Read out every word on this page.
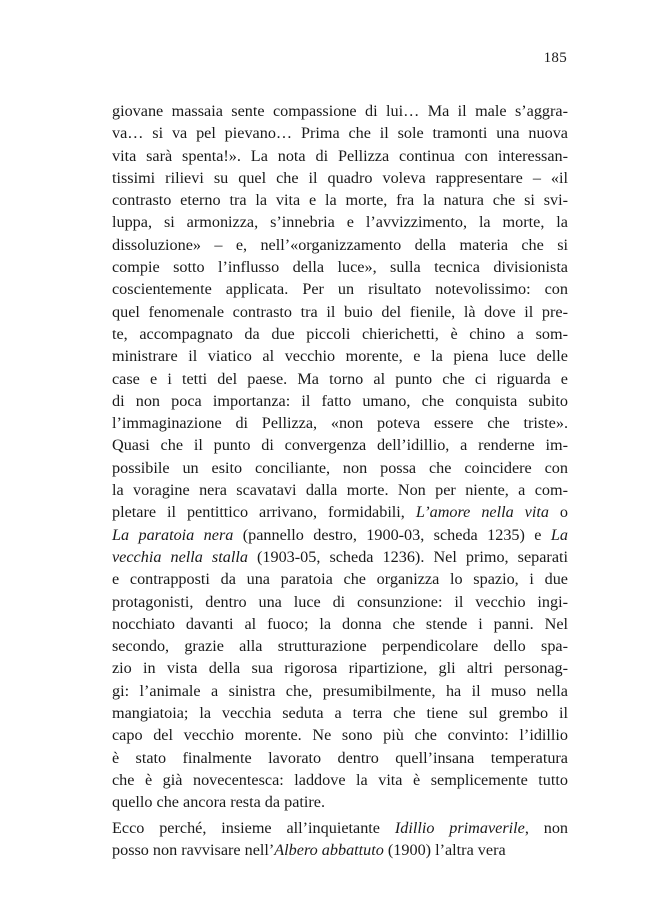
185
giovane massaia sente compassione di lui… Ma il male s’aggra-
va… si va pel pievano… Prima che il sole tramonti una nuova
vita sarà spenta!». La nota di Pellizza continua con interessan-
tissimi rilievi su quel che il quadro voleva rappresentare – «il
contrasto eterno tra la vita e la morte, fra la natura che si svi-
luppa, si armonizza, s’innebria e l’avvizzimento, la morte, la
dissoluzione» – e, nell’«organizzamento della materia che si
compie sotto l’influsso della luce», sulla tecnica divisionista
coscientemente applicata. Per un risultato notevolissimo: con
quel fenomenale contrasto tra il buio del fienile, là dove il pre-
te, accompagnato da due piccoli chierichetti, è chino a som-
ministrare il viatico al vecchio morente, e la piena luce delle
case e i tetti del paese. Ma torno al punto che ci riguarda e
di non poca importanza: il fatto umano, che conquista subito
l’immaginazione di Pellizza, «non poteva essere che triste».
Quasi che il punto di convergenza dell’idillio, a renderne im-
possibile un esito conciliante, non possa che coincidere con
la voragine nera scavatavi dalla morte. Non per niente, a com-
pletare il pentittico arrivano, formidabili, L’amore nella vita o
La paratoia nera (pannello destro, 1900-03, scheda 1235) e La
vecchia nella stalla (1903-05, scheda 1236). Nel primo, separati
e contrapposti da una paratoia che organizza lo spazio, i due
protagonisti, dentro una luce di consunzione: il vecchio ingi-
nocchiato davanti al fuoco; la donna che stende i panni. Nel
secondo, grazie alla strutturazione perpendicolare dello spa-
zio in vista della sua rigorosa ripartizione, gli altri personag-
gi: l’animale a sinistra che, presumibilmente, ha il muso nella
mangiatoia; la vecchia seduta a terra che tiene sul grembo il
capo del vecchio morente. Ne sono più che convinto: l’idillio
è stato finalmente lavorato dentro quell’insana temperatura
che è già novecentesca: laddove la vita è semplicemente tutto
quello che ancora resta da patire.
Ecco perché, insieme all’inquietante Idillio primaverile, non
posso non ravvisare nell’Albero abbattuto (1900) l’altra vera
